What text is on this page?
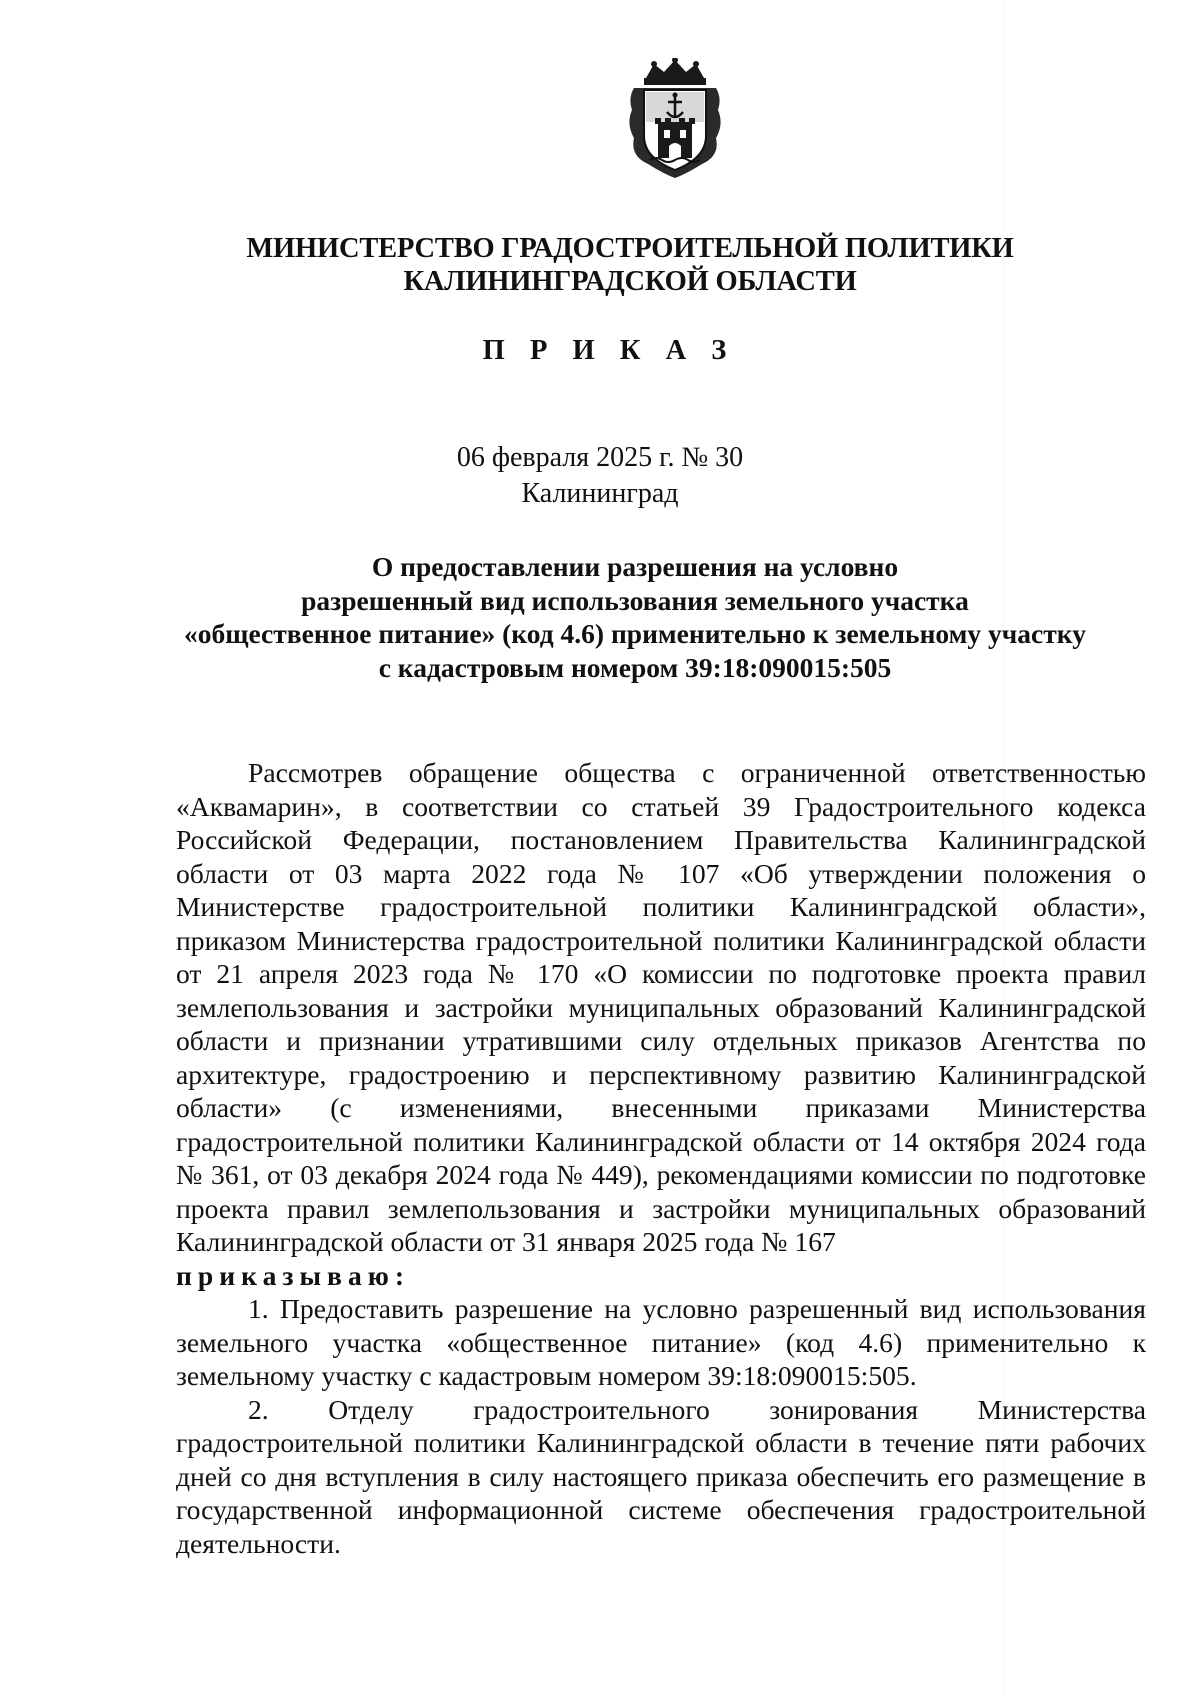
МИНИСТЕРСТВО ГРАДОСТРОИТЕЛЬНОЙ ПОЛИТИКИ
КАЛИНИНГРАДСКОЙ ОБЛАСТИ
П Р И К А З
06 февраля 2025 г. № 30
Калининград
О предоставлении разрешения на условно
разрешенный вид использования земельного участка
«общественное питание» (код 4.6) применительно к земельному участку
с кадастровым номером 39:18:090015:505

Рассмотрев обращение общества с ограниченной ответственностью «Аквамарин», в соответствии со статьей 39 Градостроительного кодекса Российской Федерации, постановлением Правительства Калининградской области от 03 марта 2022 года № 107 «Об утверждении положения о Министерстве градостроительной политики Калининградской области», приказом Министерства градостроительной политики Калининградской области от 21 апреля 2023 года № 170 «О комиссии по подготовке проекта правил землепользования и застройки муниципальных образований Калининградской области и признании утратившими силу отдельных приказов Агентства по архитектуре, градостроению и перспективному развитию Калининградской области» (с изменениями, внесенными приказами Министерства градостроительной политики Калининградской области от 14 октября 2024 года № 361, от 03 декабря 2024 года № 449), рекомендациями комиссии по подготовке проекта правил землепользования и застройки муниципальных образований Калининградской области от 31 января 2025 года № 167

приказываю:

1. Предоставить разрешение на условно разрешенный вид использования земельного участка «общественное питание» (код 4.6) применительно к земельному участку с кадастровым номером 39:18:090015:505.

2. Отделу градостроительного зонирования Министерства градостроительной политики Калининградской области в течение пяти рабочих дней со дня вступления в силу настоящего приказа обеспечить его размещение в государственной информационной системе обеспечения градостроительной деятельности.
